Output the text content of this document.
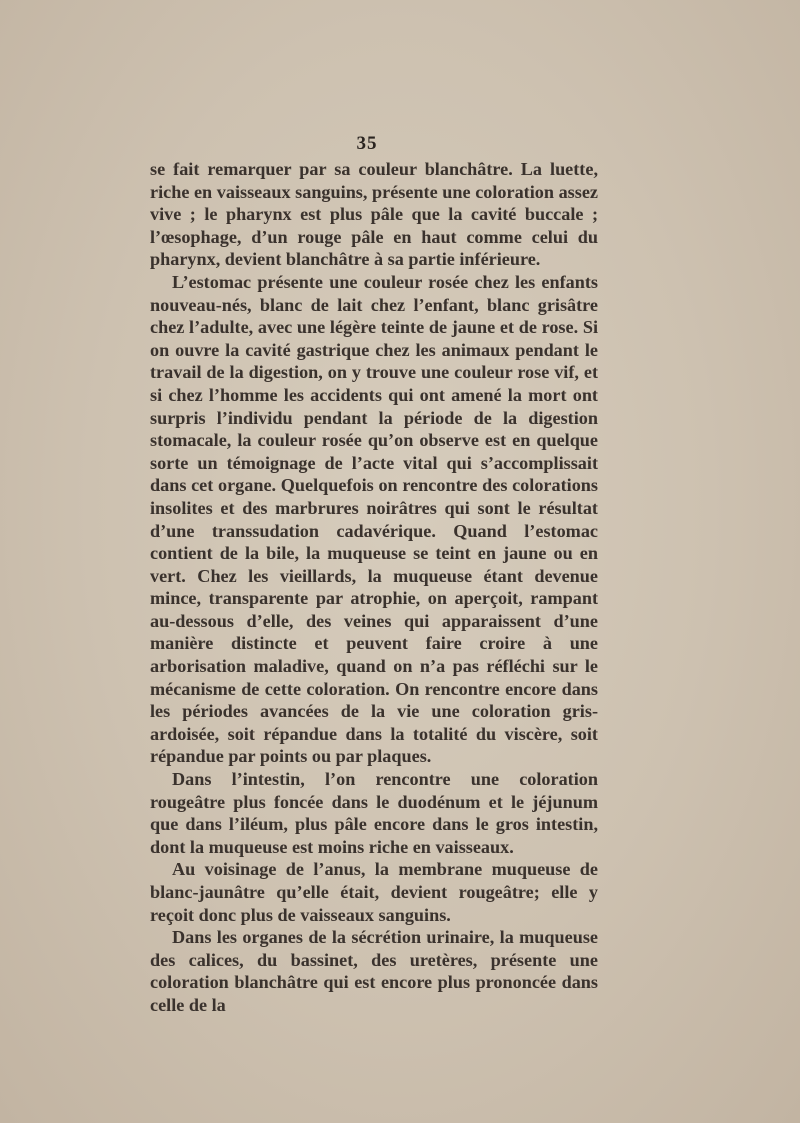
35

se fait remarquer par sa couleur blanchâtre. La luette, riche en vaisseaux sanguins, présente une coloration assez vive ; le pharynx est plus pâle que la cavité buccale ; l’œsophage, d’un rouge pâle en haut comme celui du pharynx, devient blanchâtre à sa partie inférieure.

L’estomac présente une couleur rosée chez les enfants nouveau-nés, blanc de lait chez l’enfant, blanc grisâtre chez l’adulte, avec une légère teinte de jaune et de rose. Si on ouvre la cavité gastrique chez les animaux pendant le travail de la digestion, on y trouve une couleur rose vif, et si chez l’homme les accidents qui ont amené la mort ont surpris l’individu pendant la période de la digestion stomacale, la couleur rosée qu’on observe est en quelque sorte un témoignage de l’acte vital qui s’accomplissait dans cet organe. Quelquefois on rencontre des colorations insolites et des marbrures noirâtres qui sont le résultat d’une transsudation cadavérique. Quand l’estomac contient de la bile, la muqueuse se teint en jaune ou en vert. Chez les vieillards, la muqueuse étant devenue mince, transparente par atrophie, on aperçoit, rampant au-dessous d’elle, des veines qui apparaissent d’une manière distincte et peuvent faire croire à une arborisation maladive, quand on n’a pas réfléchi sur le mécanisme de cette coloration. On rencontre encore dans les périodes avancées de la vie une coloration gris-ardoisée, soit répandue dans la totalité du viscère, soit répandue par points ou par plaques.

Dans l’intestin, l’on rencontre une coloration rougeâtre plus foncée dans le duodénum et le jéjunum que dans l’iléum, plus pâle encore dans le gros intestin, dont la muqueuse est moins riche en vaisseaux.

Au voisinage de l’anus, la membrane muqueuse de blanc-jaunâtre qu’elle était, devient rougeâtre; elle y reçoit donc plus de vaisseaux sanguins.

Dans les organes de la sécrétion urinaire, la muqueuse des calices, du bassinet, des uretères, présente une coloration blanchâtre qui est encore plus prononcée dans celle de la
